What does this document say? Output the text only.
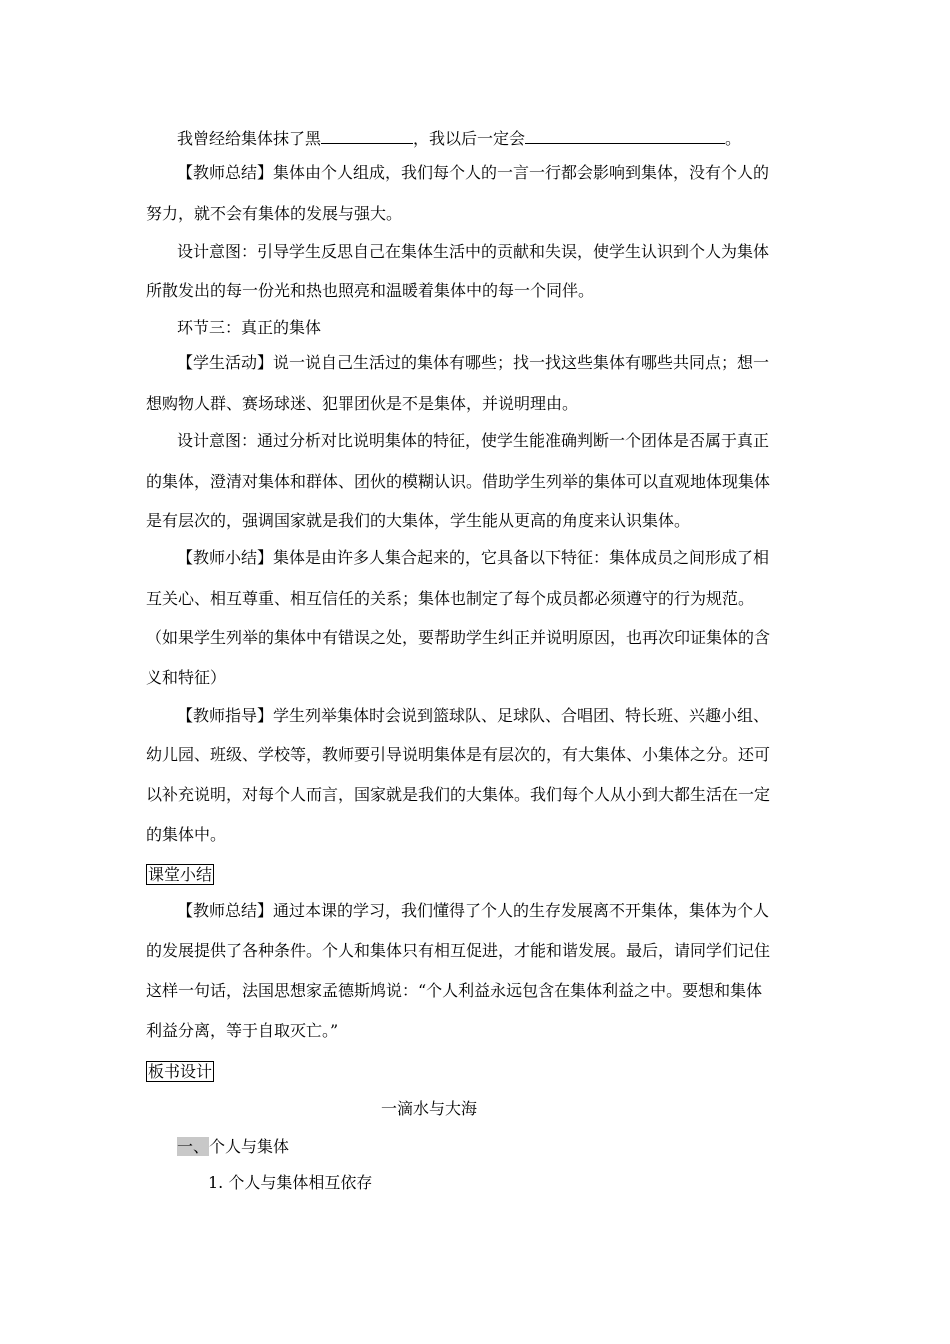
我曾经给集体抹了黑	，我以后一定会	。
【教师总结】集体由个人组成，我们每个人的一言一行都会影响到集体，没有个人的
努力，就不会有集体的发展与强大。
设计意图：引导学生反思自己在集体生活中的贡献和失误，使学生认识到个人为集体
所散发出的每一份光和热也照亮和温暖着集体中的每一个同伴。
环节三：真正的集体
【学生活动】说一说自己生活过的集体有哪些；找一找这些集体有哪些共同点；想一
想购物人群、赛场球迷、犯罪团伙是不是集体，并说明理由。
设计意图：通过分析对比说明集体的特征，使学生能准确判断一个团体是否属于真正
的集体，澄清对集体和群体、团伙的模糊认识。借助学生列举的集体可以直观地体现集体
是有层次的，强调国家就是我们的大集体，学生能从更高的角度来认识集体。
【教师小结】集体是由许多人集合起来的，它具备以下特征：集体成员之间形成了相
互关心、相互尊重、相互信任的关系；集体也制定了每个成员都必须遵守的行为规范。
（如果学生列举的集体中有错误之处，要帮助学生纠正并说明原因，也再次印证集体的含
义和特征）
【教师指导】学生列举集体时会说到篮球队、足球队、合唱团、特长班、兴趣小组、
幼儿园、班级、学校等，教师要引导说明集体是有层次的，有大集体、小集体之分。还可
以补充说明，对每个人而言，国家就是我们的大集体。我们每个人从小到大都生活在一定
的集体中。
课堂小结
【教师总结】通过本课的学习，我们懂得了个人的生存发展离不开集体，集体为个人
的发展提供了各种条件。个人和集体只有相互促进，才能和谐发展。最后，请同学们记住
这样一句话，法国思想家孟德斯鸠说：“个人利益永远包含在集体利益之中。要想和集体
利益分离，等于自取灭亡。”
板书设计
一滴水与大海
一、个人与集体
1. 个人与集体相互依存
